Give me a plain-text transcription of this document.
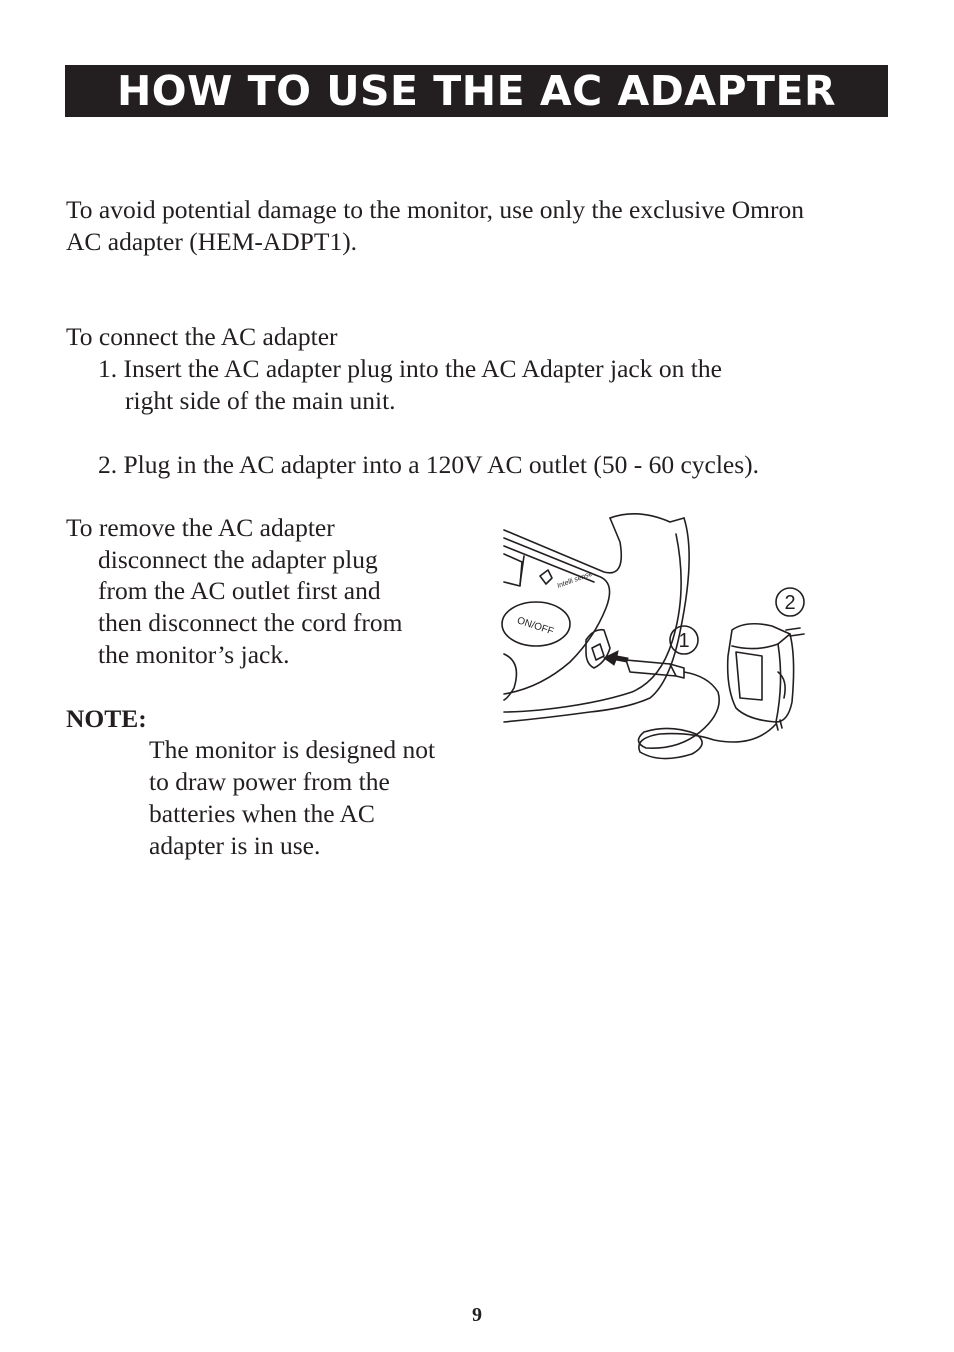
HOW TO USE THE AC ADAPTER
To avoid potential damage to the monitor, use only the exclusive Omron
AC adapter (HEM-ADPT1).
To connect the AC adapter
1. Insert the AC adapter plug into the AC Adapter jack on the
right side of the main unit.
2. Plug in the AC adapter into a 120V AC outlet (50 - 60 cycles).
To remove the AC adapter
disconnect the adapter plug
from the AC outlet first and
then disconnect the cord from
the monitor’s jack.
NOTE:
The monitor is designed not
to draw power from the
batteries when the AC
adapter is in use.
ON/OFF
Intelli sense
1
2
9
